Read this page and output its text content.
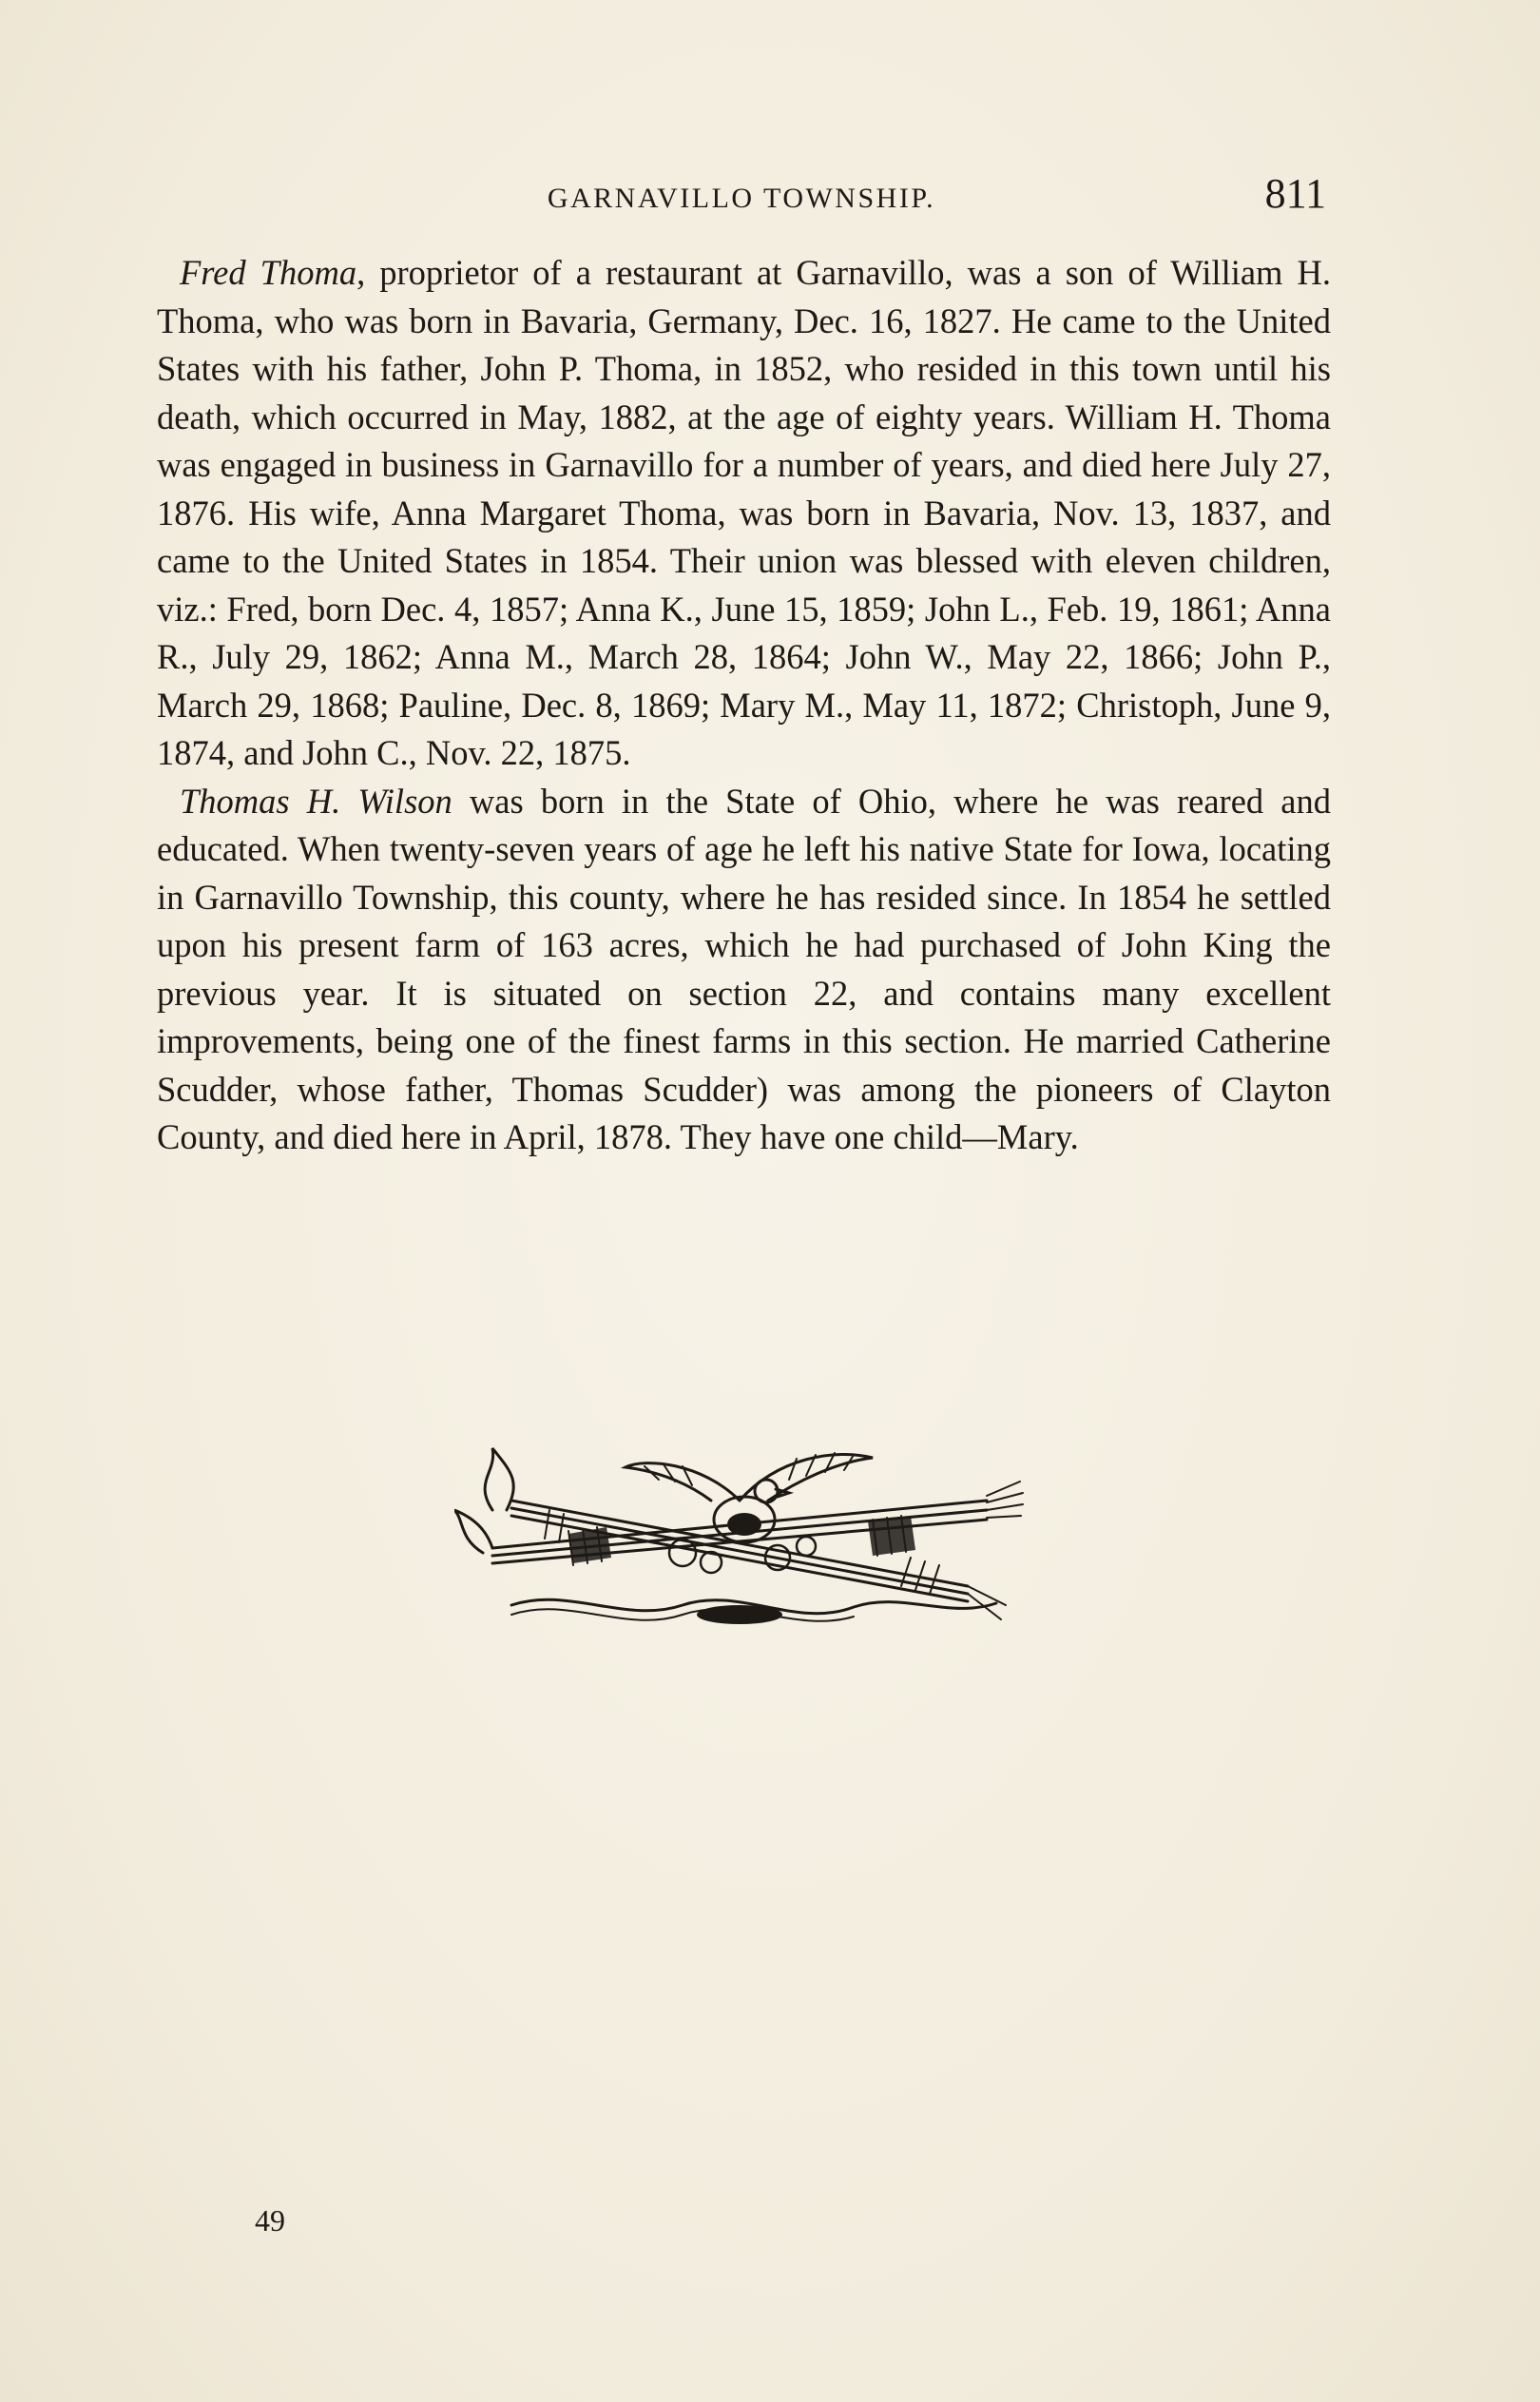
GARNAVILLO TOWNSHIP.	811

Fred Thoma, proprietor of a restaurant at Garnavillo, was a son of William H. Thoma, who was born in Bavaria, Germany, Dec. 16, 1827. He came to the United States with his father, John P. Thoma, in 1852, who resided in this town until his death, which occurred in May, 1882, at the age of eighty years. William H. Thoma was engaged in business in Garnavillo for a number of years, and died here July 27, 1876. His wife, Anna Margaret Thoma, was born in Bavaria, Nov. 13, 1837, and came to the United States in 1854. Their union was blessed with eleven children, viz.: Fred, born Dec. 4, 1857; Anna K., June 15, 1859; John L., Feb. 19, 1861; Anna R., July 29, 1862; Anna M., March 28, 1864; John W., May 22, 1866; John P., March 29, 1868; Pauline, Dec. 8, 1869; Mary M., May 11, 1872; Christoph, June 9, 1874, and John C., Nov. 22, 1875.

Thomas H. Wilson was born in the State of Ohio, where he was reared and educated. When twenty-seven years of age he left his native State for Iowa, locating in Garnavillo Township, this county, where he has resided since. In 1854 he settled upon his present farm of 163 acres, which he had purchased of John King the previous year. It is situated on section 22, and contains many excellent improvements, being one of the finest farms in this section. He married Catherine Scudder, whose father, Thomas Scudder) was among the pioneers of Clayton County, and died here in April, 1878. They have one child—Mary.

49
